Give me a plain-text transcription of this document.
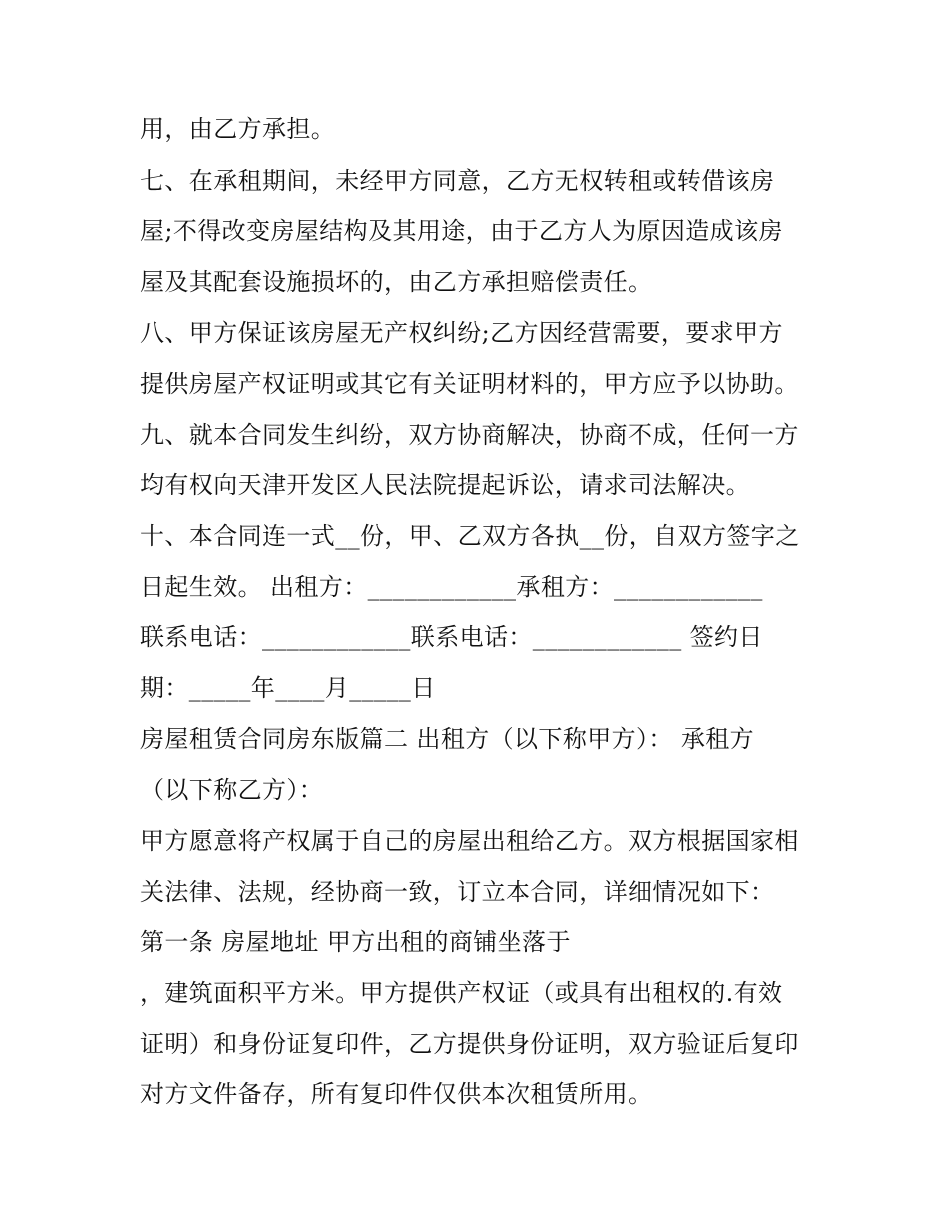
用，由乙方承担。
七、在承租期间，未经甲方同意，乙方无权转租或转借该房
屋;不得改变房屋结构及其用途，由于乙方人为原因造成该房
屋及其配套设施损坏的，由乙方承担赔偿责任。
八、甲方保证该房屋无产权纠纷;乙方因经营需要，要求甲方
提供房屋产权证明或其它有关证明材料的，甲方应予以协助。
九、就本合同发生纠纷，双方协商解决，协商不成，任何一方
均有权向天津开发区人民法院提起诉讼，请求司法解决。
十、本合同连一式__份，甲、乙双方各执__份，自双方签字之
日起生效。 出租方：____________承租方：____________
联系电话：____________联系电话：____________ 签约日
期：_____年____月_____日
房屋租赁合同房东版篇二 出租方（以下称甲方）： 承租方
（以下称乙方）：
甲方愿意将产权属于自己的房屋出租给乙方。双方根据国家相
关法律、法规，经协商一致，订立本合同，详细情况如下：
第一条 房屋地址 甲方出租的商铺坐落于
，建筑面积平方米。甲方提供产权证（或具有出租权的.有效
证明）和身份证复印件，乙方提供身份证明，双方验证后复印
对方文件备存，所有复印件仅供本次租赁所用。
